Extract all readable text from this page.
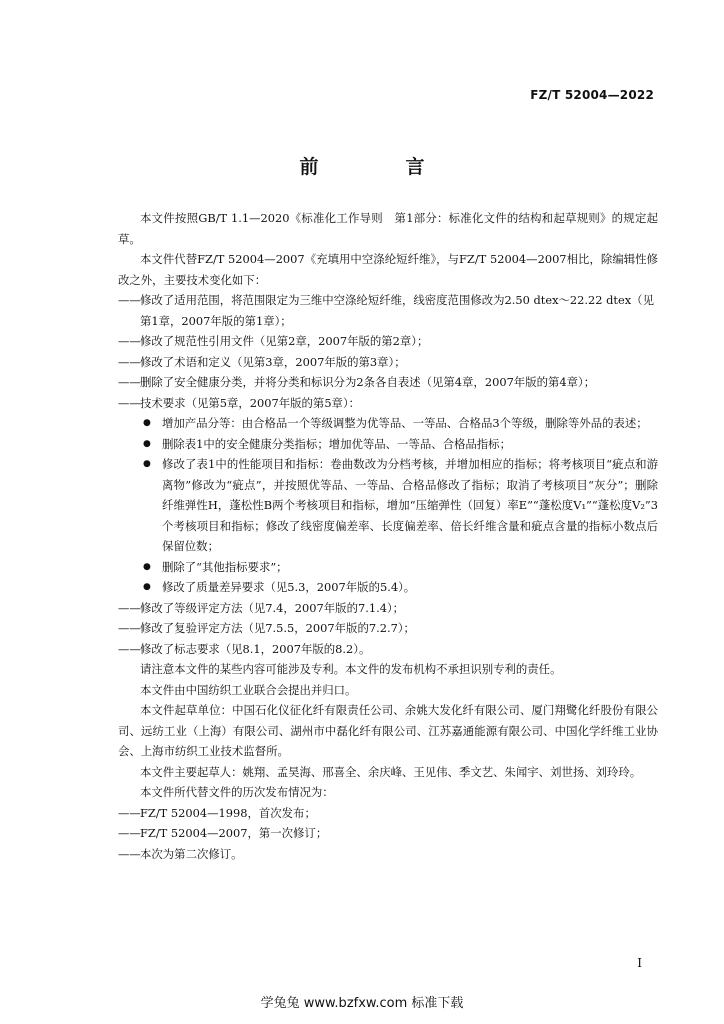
FZ/T 52004—2022
前　言

本文件按照GB/T 1.1—2020《标准化工作导则　第1部分：标准化文件的结构和起草规则》的规定起草。

本文件代替FZ/T 52004—2007《充填用中空涤纶短纤维》，与FZ/T 52004—2007相比，除编辑性修改之外，主要技术变化如下：

—— 修改了适用范围，将范围限定为三维中空涤纶短纤维，线密度范围修改为2.50 dtex～22.22 dtex（见第1章，2007年版的第1章）；
—— 修改了规范性引用文件（见第2章，2007年版的第2章）；
—— 修改了术语和定义（见第3章，2007年版的第3章）；
—— 删除了安全健康分类，并将分类和标识分为2条各自表述（见第4章，2007年版的第4章）；
—— 技术要求（见第5章，2007年版的第5章）：
● 增加产品分等：由合格品一个等级调整为优等品、一等品、合格品3个等级，删除等外品的表述；
● 删除表1中的安全健康分类指标；增加优等品、一等品、合格品指标；
● 修改了表1中的性能项目和指标：卷曲数改为分档考核，并增加相应的指标；将考核项目“疵点和游离物”修改为“疵点”，并按照优等品、一等品、合格品修改了指标；取消了考核项目“灰分”；删除纤维弹性H，蓬松性B两个考核项目和指标，增加“压缩弹性（回复）率E”“蓬松度V₁”“蓬松度V₂”3个考核项目和指标；修改了线密度偏差率、长度偏差率、倍长纤维含量和疵点含量的指标小数点后保留位数；
● 删除了“其他指标要求”；
● 修改了质量差异要求（见5.3，2007年版的5.4）。
—— 修改了等级评定方法（见7.4，2007年版的7.1.4）；
—— 修改了复验评定方法（见7.5.5，2007年版的7.2.7）；
—— 修改了标志要求（见8.1，2007年版的8.2）。

请注意本文件的某些内容可能涉及专利。本文件的发布机构不承担识别专利的责任。

本文件由中国纺织工业联合会提出并归口。

本文件起草单位：中国石化仪征化纤有限责任公司、余姚大发化纤有限公司、厦门翔鹭化纤股份有限公司、远纺工业（上海）有限公司、湖州市中磊化纤有限公司、江苏嘉通能源有限公司、中国化学纤维工业协会、上海市纺织工业技术监督所。

本文件主要起草人：姚翔、孟昊海、邢喜全、余庆峰、王见伟、季文艺、朱闻宇、刘世扬、刘玲玲。

本文件所代替文件的历次发布情况为：

—— FZ/T 52004—1998，首次发布；
—— FZ/T 52004—2007，第一次修订；
—— 本次为第二次修订。
I
学兔兔 www.bzfxw.com 标准下载
